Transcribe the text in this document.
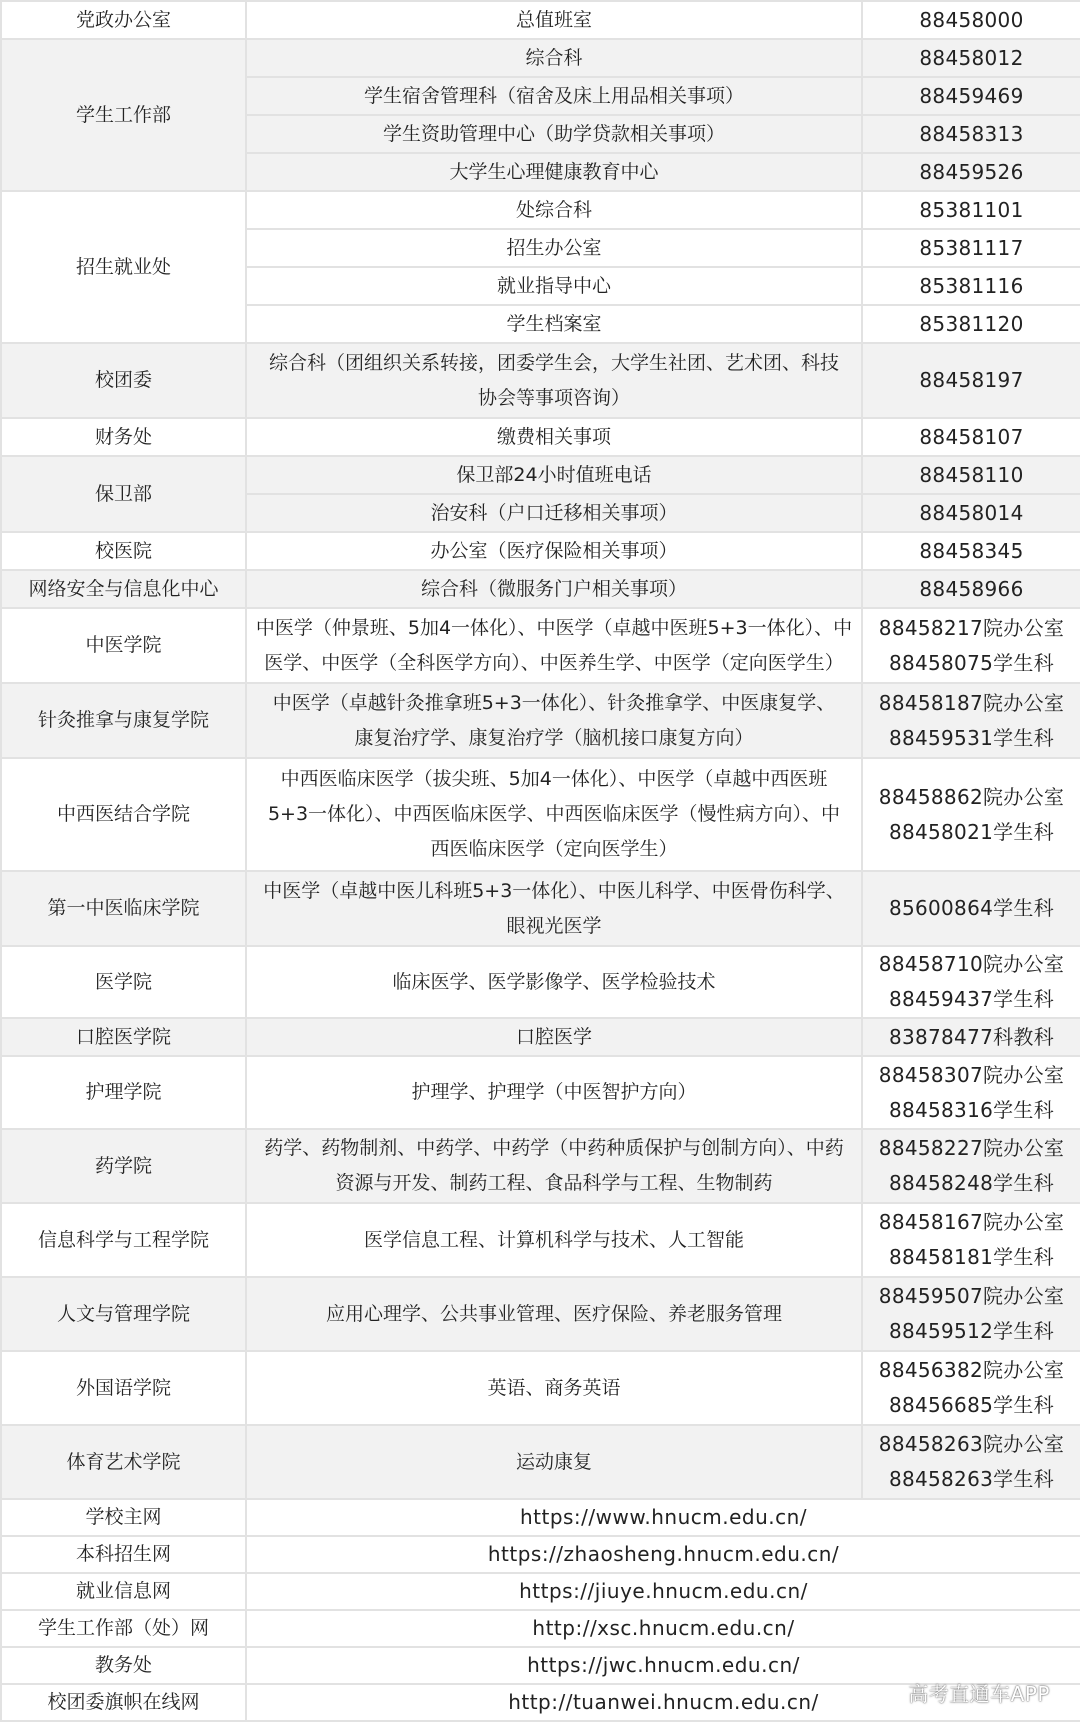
党政办公室	总值班室	88458000
学生工作部	综合科	88458012
	学生宿舍管理科（宿舍及床上用品相关事项）	88459469
	学生资助管理中心（助学贷款相关事项）	88458313
	大学生心理健康教育中心	88459526
招生就业处	处综合科	85381101
	招生办公室	85381117
	就业指导中心	85381116
	学生档案室	85381120
校团委	综合科（团组织关系转接，团委学生会，大学生社团、艺术团、科技
协会等事项咨询）	88458197
财务处	缴费相关事项	88458107
保卫部	保卫部24小时值班电话	88458110
	治安科（户口迁移相关事项）	88458014
校医院	办公室（医疗保险相关事项）	88458345
网络安全与信息化中心	综合科（微服务门户相关事项）	88458966
中医学院	中医学（仲景班、5加4一体化）、中医学（卓越中医班5+3一体化）、中
医学、中医学（全科医学方向）、中医养生学、中医学（定向医学生）	88458217院办公室
88458075学生科

针灸推拿与康复学院	中医学（卓越针灸推拿班5+3一体化）、针灸推拿学、中医康复学、
康复治疗学、康复治疗学（脑机接口康复方向）	88458187院办公室
88459531学生科

中西医结合学院	中西医临床医学（拔尖班、5加4一体化）、中医学（卓越中西医班
5+3一体化）、中西医临床医学、中西医临床医学（慢性病方向）、中
西医临床医学（定向医学生）	88458862院办公室
88458021学生科

第一中医临床学院	中医学（卓越中医儿科班5+3一体化）、中医儿科学、中医骨伤科学、
眼视光医学	85600864学生科
医学院	临床医学、医学影像学、医学检验技术	88458710院办公室
88459437学生科

口腔医学院	口腔医学	83878477科教科
护理学院	护理学、护理学（中医智护方向）	88458307院办公室
88458316学生科

药学院	药学、药物制剂、中药学、中药学（中药种质保护与创制方向）、中药
资源与开发、制药工程、食品科学与工程、生物制药	88458227院办公室
88458248学生科

信息科学与工程学院	医学信息工程、计算机科学与技术、人工智能	88458167院办公室
88458181学生科

人文与管理学院	应用心理学、公共事业管理、医疗保险、养老服务管理	88459507院办公室
88459512学生科

外国语学院	英语、商务英语	88456382院办公室
88456685学生科

体育艺术学院	运动康复	88458263院办公室
88458263学生科

学校主网	https://www.hnucm.edu.cn/	
本科招生网	https://zhaosheng.hnucm.edu.cn/	
就业信息网	https://jiuye.hnucm.edu.cn/	
学生工作部（处）网	http://xsc.hnucm.edu.cn/	
教务处	https://jwc.hnucm.edu.cn/	
校团委旗帜在线网	http://tuanwei.hnucm.edu.cn/		高考直通车APP
